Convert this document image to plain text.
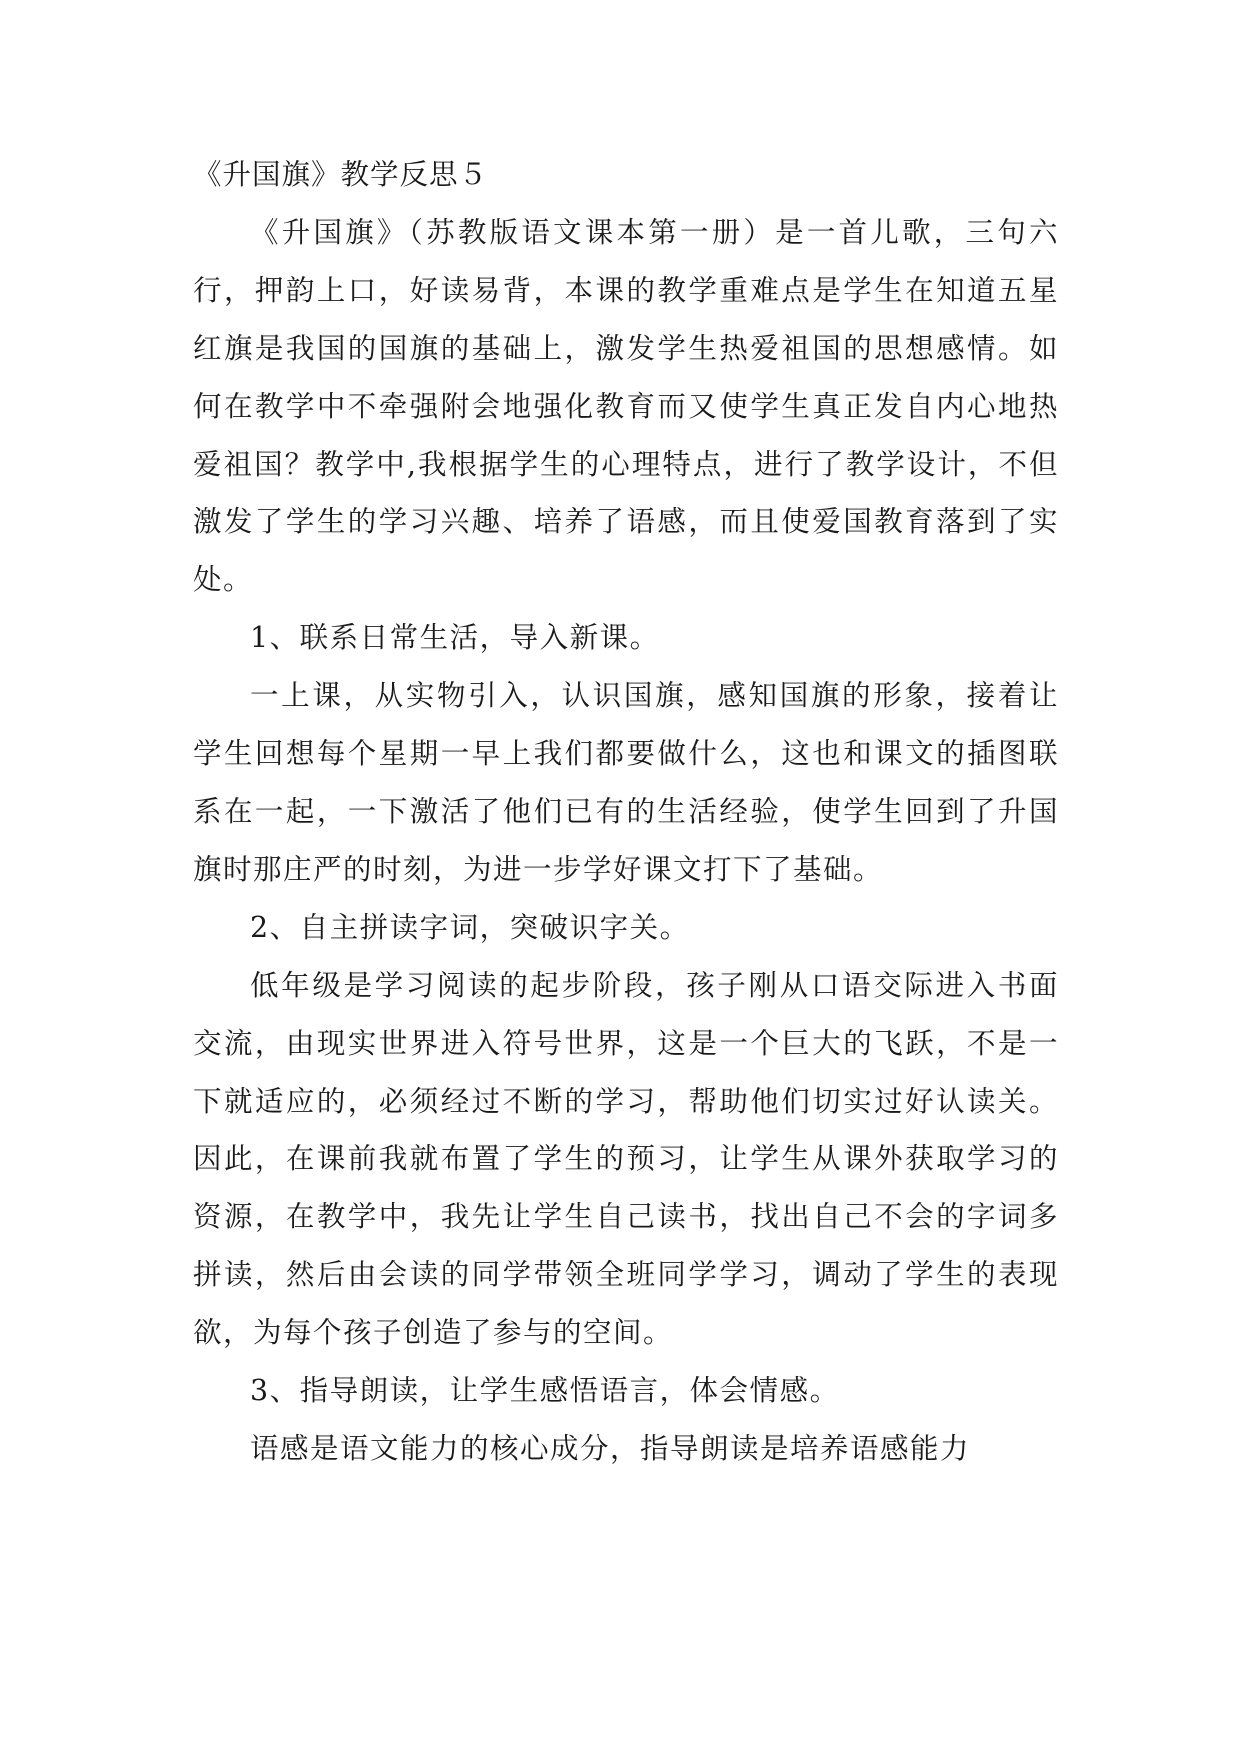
《升国旗》教学反思５

《升国旗》（苏教版语文课本第一册）是一首儿歌，三句六行，押韵上口，好读易背，本课的教学重难点是学生在知道五星红旗是我国的国旗的基础上，激发学生热爱祖国的思想感情。如何在教学中不牵强附会地强化教育而又使学生真正发自内心地热爱祖国？教学中,我根据学生的心理特点，进行了教学设计，不但激发了学生的学习兴趣、培养了语感，而且使爱国教育落到了实处。

1、联系日常生活，导入新课。

一上课，从实物引入，认识国旗，感知国旗的形象，接着让学生回想每个星期一早上我们都要做什么，这也和课文的插图联系在一起，一下激活了他们已有的生活经验，使学生回到了升国旗时那庄严的时刻，为进一步学好课文打下了基础。

2、自主拼读字词，突破识字关。

低年级是学习阅读的起步阶段，孩子刚从口语交际进入书面交流，由现实世界进入符号世界，这是一个巨大的飞跃，不是一下就适应的，必须经过不断的学习，帮助他们切实过好认读关。因此，在课前我就布置了学生的预习，让学生从课外获取学习的资源，在教学中，我先让学生自己读书，找出自己不会的字词多拼读，然后由会读的同学带领全班同学学习，调动了学生的表现欲，为每个孩子创造了参与的空间。

3、指导朗读，让学生感悟语言，体会情感。

语感是语文能力的核心成分，指导朗读是培养语感能力
